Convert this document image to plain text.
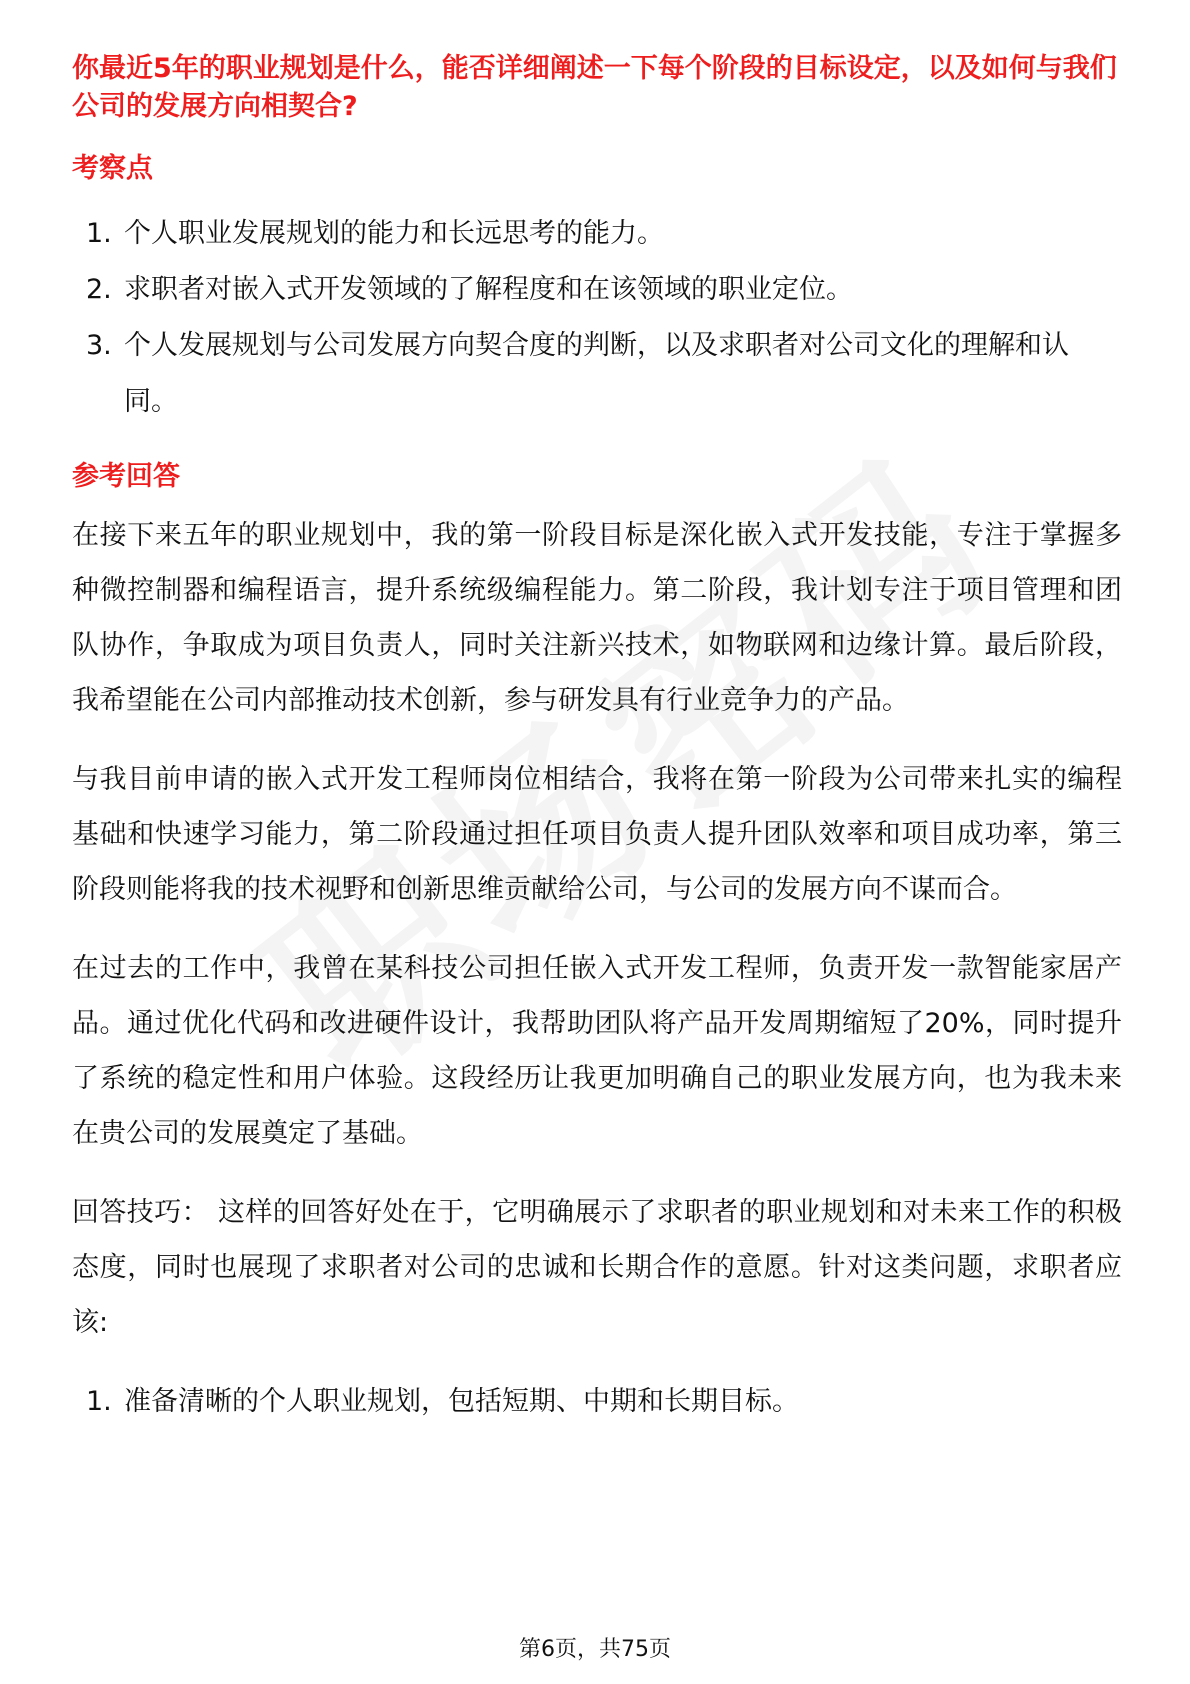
你最近5年的职业规划是什么，能否详细阐述一下每个阶段的目标设定，以及如何与我们公司的发展方向相契合?

考察点

1. 个人职业发展规划的能力和长远思考的能力。
2. 求职者对嵌入式开发领域的了解程度和在该领域的职业定位。
3. 个人发展规划与公司发展方向契合度的判断，以及求职者对公司文化的理解和认同。

参考回答

在接下来五年的职业规划中，我的第一阶段目标是深化嵌入式开发技能，专注于掌握多种微控制器和编程语言，提升系统级编程能力。第二阶段，我计划专注于项目管理和团队协作，争取成为项目负责人，同时关注新兴技术，如物联网和边缘计算。最后阶段，我希望能在公司内部推动技术创新，参与研发具有行业竞争力的产品。

与我目前申请的嵌入式开发工程师岗位相结合，我将在第一阶段为公司带来扎实的编程基础和快速学习能力，第二阶段通过担任项目负责人提升团队效率和项目成功率，第三阶段则能将我的技术视野和创新思维贡献给公司，与公司的发展方向不谋而合。

在过去的工作中，我曾在某科技公司担任嵌入式开发工程师，负责开发一款智能家居产品。通过优化代码和改进硬件设计，我帮助团队将产品开发周期缩短了20%，同时提升了系统的稳定性和用户体验。这段经历让我更加明确自己的职业发展方向，也为我未来在贵公司的发展奠定了基础。

回答技巧： 这样的回答好处在于，它明确展示了求职者的职业规划和对未来工作的积极态度，同时也展现了求职者对公司的忠诚和长期合作的意愿。针对这类问题，求职者应该:

1. 准备清晰的个人职业规划，包括短期、中期和长期目标。
第6页，共75页
